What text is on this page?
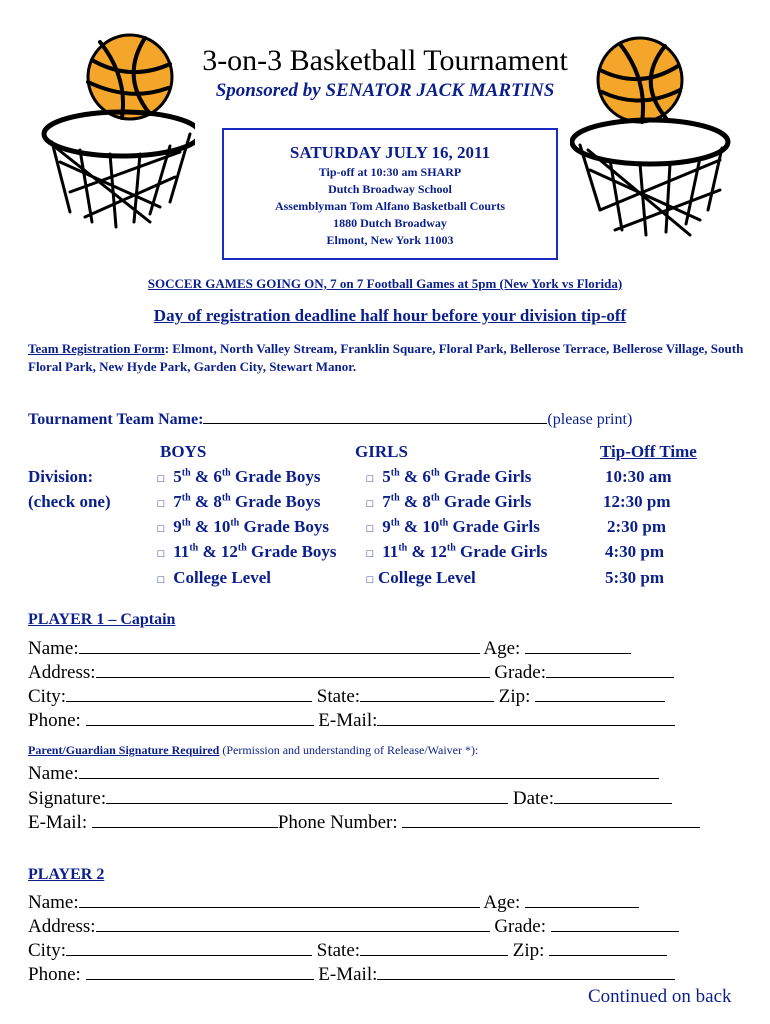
3-on-3 Basketball Tournament
Sponsored by SENATOR JACK MARTINS
SATURDAY JULY 16, 2011
Tip-off at 10:30 am SHARP
Dutch Broadway School
Assemblyman Tom Alfano Basketball Courts
1880 Dutch Broadway
Elmont, New York 11003
SOCCER GAMES GOING ON, 7 on 7 Football Games at 5pm (New York vs Florida)
Day of registration deadline half hour before your division tip-off
Team Registration Form: Elmont, North Valley Stream, Franklin Square, Floral Park, Bellerose Terrace, Bellerose Village, South Floral Park, New Hyde Park, Garden City, Stewart Manor.
Tournament Team Name:	(please print)
BOYS	GIRLS	Tip-Off Time
Division:
(check one)
□ 5th & 6th Grade Boys	□ 5th & 6th Grade Girls	10:30 am
□ 7th & 8th Grade Boys	□ 7th & 8th Grade Girls	12:30 pm
□ 9th & 10th Grade Boys	□ 9th & 10th Grade Girls	2:30 pm
□ 11th & 12th Grade Boys	□ 11th & 12th Grade Girls	4:30 pm
□ College Level	□ College Level	5:30 pm
PLAYER 1 – Captain
Name:	Age:
Address:	Grade:
City:	State:	Zip:
Phone:	E-Mail:
Parent/Guardian Signature Required (Permission and understanding of Release/Waiver *):
Name:
Signature:	Date:
E-Mail:	Phone Number:
PLAYER 2
Name:	Age:
Address:	Grade:
City:	State:	Zip:
Phone:	E-Mail:
Continued on back
